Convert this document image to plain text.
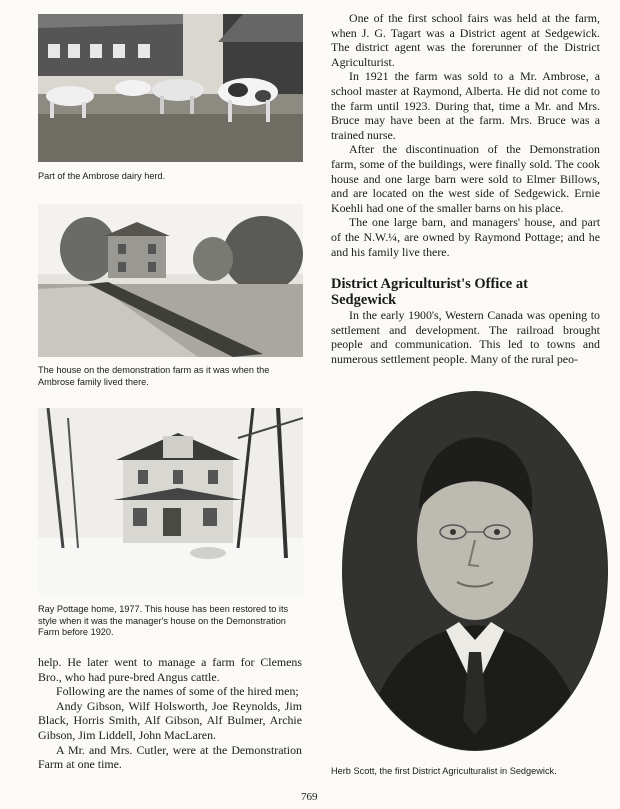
Part of the Ambrose dairy herd.
The house on the demonstration farm as it was when the Ambrose family lived there.
Ray Pottage home, 1977. This house has been restored to its style when it was the manager's house on the Demonstration Farm before 1920.

help. He later went to manage a farm for Clemens Bro., who had pure-bred Angus cattle.

Following are the names of some of the hired men;

Andy Gibson, Wilf Holsworth, Joe Reynolds, Jim Black, Horris Smith, Alf Gibson, Alf Bulmer, Archie Gibson, Jim Liddell, John MacLaren.

A Mr. and Mrs. Cutler, were at the Demonstration Farm at one time.

One of the first school fairs was held at the farm, when J. G. Tagart was a District agent at Sedgewick. The district agent was the forerunner of the District Agriculturist.

In 1921 the farm was sold to a Mr. Ambrose, a school master at Raymond, Alberta. He did not come to the farm until 1923. During that, time a Mr. and Mrs. Bruce may have been at the farm. Mrs. Bruce was a trained nurse.

After the discontinuation of the Demonstration farm, some of the buildings, were finally sold. The cook house and one large barn were sold to Elmer Billows, and are located on the west side of Sedgewick. Ernie Koehli had one of the smaller barns on his place.

The one large barn, and managers' house, and part of the N.W.¼, are owned by Raymond Pottage; and he and his family live there.

District Agriculturist's Office at
Sedgewick

In the early 1900's, Western Canada was opening to settlement and development. The railroad brought people and communication. This led to towns and numerous settlement people. Many of the rural peo-

Herb Scott, the first District Agriculturalist in Sedgewick.
769
